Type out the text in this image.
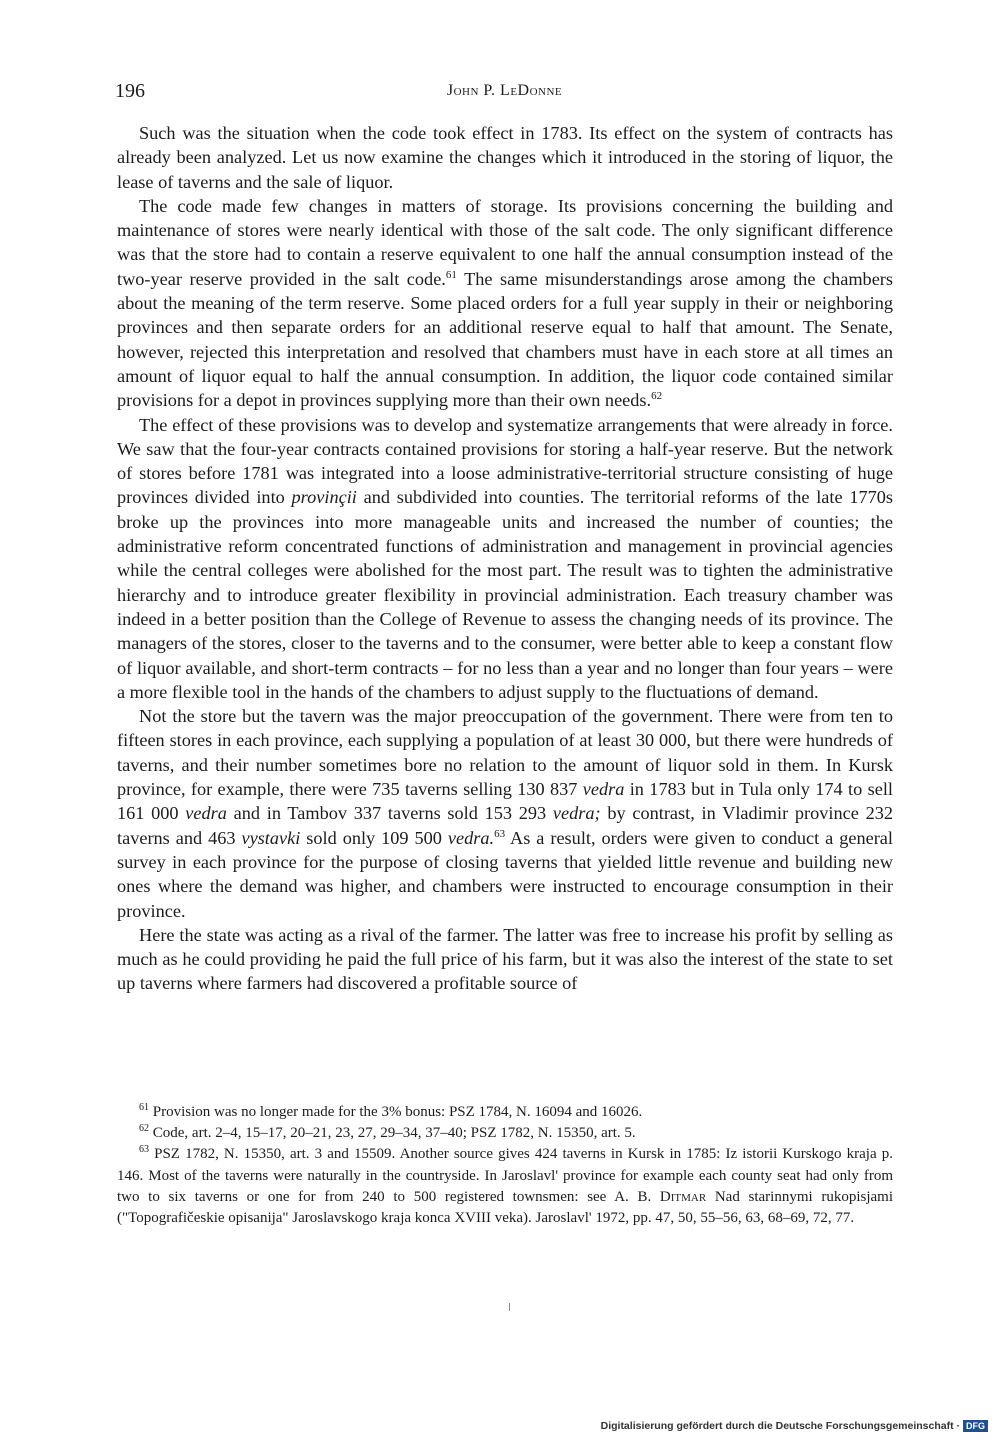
196	John P. LeDonne

Such was the situation when the code took effect in 1783. Its effect on the system of contracts has already been analyzed. Let us now examine the changes which it introduced in the storing of liquor, the lease of taverns and the sale of liquor.

The code made few changes in matters of storage. Its provisions concerning the building and maintenance of stores were nearly identical with those of the salt code. The only significant difference was that the store had to contain a reserve equivalent to one half the annual consumption instead of the two-year reserve provided in the salt code.$^{61}$ The same misunderstandings arose among the chambers about the meaning of the term reserve. Some placed orders for a full year supply in their or neighboring provinces and then separate orders for an additional reserve equal to half that amount. The Senate, however, rejected this interpretation and resolved that chambers must have in each store at all times an amount of liquor equal to half the annual consumption. In addition, the liquor code contained similar provisions for a depot in provinces supplying more than their own needs.$^{62}$

The effect of these provisions was to develop and systematize arrangements that were already in force. We saw that the four-year contracts contained provisions for storing a half-year reserve. But the network of stores before 1781 was integrated into a loose administrative-territorial structure consisting of huge provinces divided into provinçii and subdivided into counties. The territorial reforms of the late 1770s broke up the provinces into more manageable units and increased the number of counties; the administrative reform concentrated functions of administration and management in provincial agencies while the central colleges were abolished for the most part. The result was to tighten the administrative hierarchy and to introduce greater flexibility in provincial administration. Each treasury chamber was indeed in a better position than the College of Revenue to assess the changing needs of its province. The managers of the stores, closer to the taverns and to the consumer, were better able to keep a constant flow of liquor available, and short-term contracts – for no less than a year and no longer than four years – were a more flexible tool in the hands of the chambers to adjust supply to the fluctuations of demand.

Not the store but the tavern was the major preoccupation of the government. There were from ten to fifteen stores in each province, each supplying a population of at least 30 000, but there were hundreds of taverns, and their number sometimes bore no relation to the amount of liquor sold in them. In Kursk province, for example, there were 735 taverns selling 130 837 vedra in 1783 but in Tula only 174 to sell 161 000 vedra and in Tambov 337 taverns sold 153 293 vedra; by contrast, in Vladimir province 232 taverns and 463 vystavki sold only 109 500 vedra.$^{63}$ As a result, orders were given to conduct a general survey in each province for the purpose of closing taverns that yielded little revenue and building new ones where the demand was higher, and chambers were instructed to encourage consumption in their province.

Here the state was acting as a rival of the farmer. The latter was free to increase his profit by selling as much as he could providing he paid the full price of his farm, but it was also the interest of the state to set up taverns where farmers had discovered a profitable source of

$^{61}$ Provision was no longer made for the 3% bonus: PSZ 1784, N. 16094 and 16026.

$^{62}$ Code, art. 2–4, 15–17, 20–21, 23, 27, 29–34, 37–40; PSZ 1782, N. 15350, art. 5.

$^{63}$ PSZ 1782, N. 15350, art. 3 and 15509. Another source gives 424 taverns in Kursk in 1785: Iz istorii Kurskogo kraja p. 146. Most of the taverns were naturally in the countryside. In Jaroslavl' province for example each county seat had only from two to six taverns or one for from 240 to 500 registered townsmen: see A. B. Ditmar Nad starinnymi rukopisjami ("Topografičeskie opisanija" Jaroslavskogo kraja konca XVIII veka). Jaroslavl' 1972, pp. 47, 50, 55–56, 63, 68–69, 72, 77.

Digitalisierung gefördert durch die Deutsche Forschungsgemeinschaft · DFG
